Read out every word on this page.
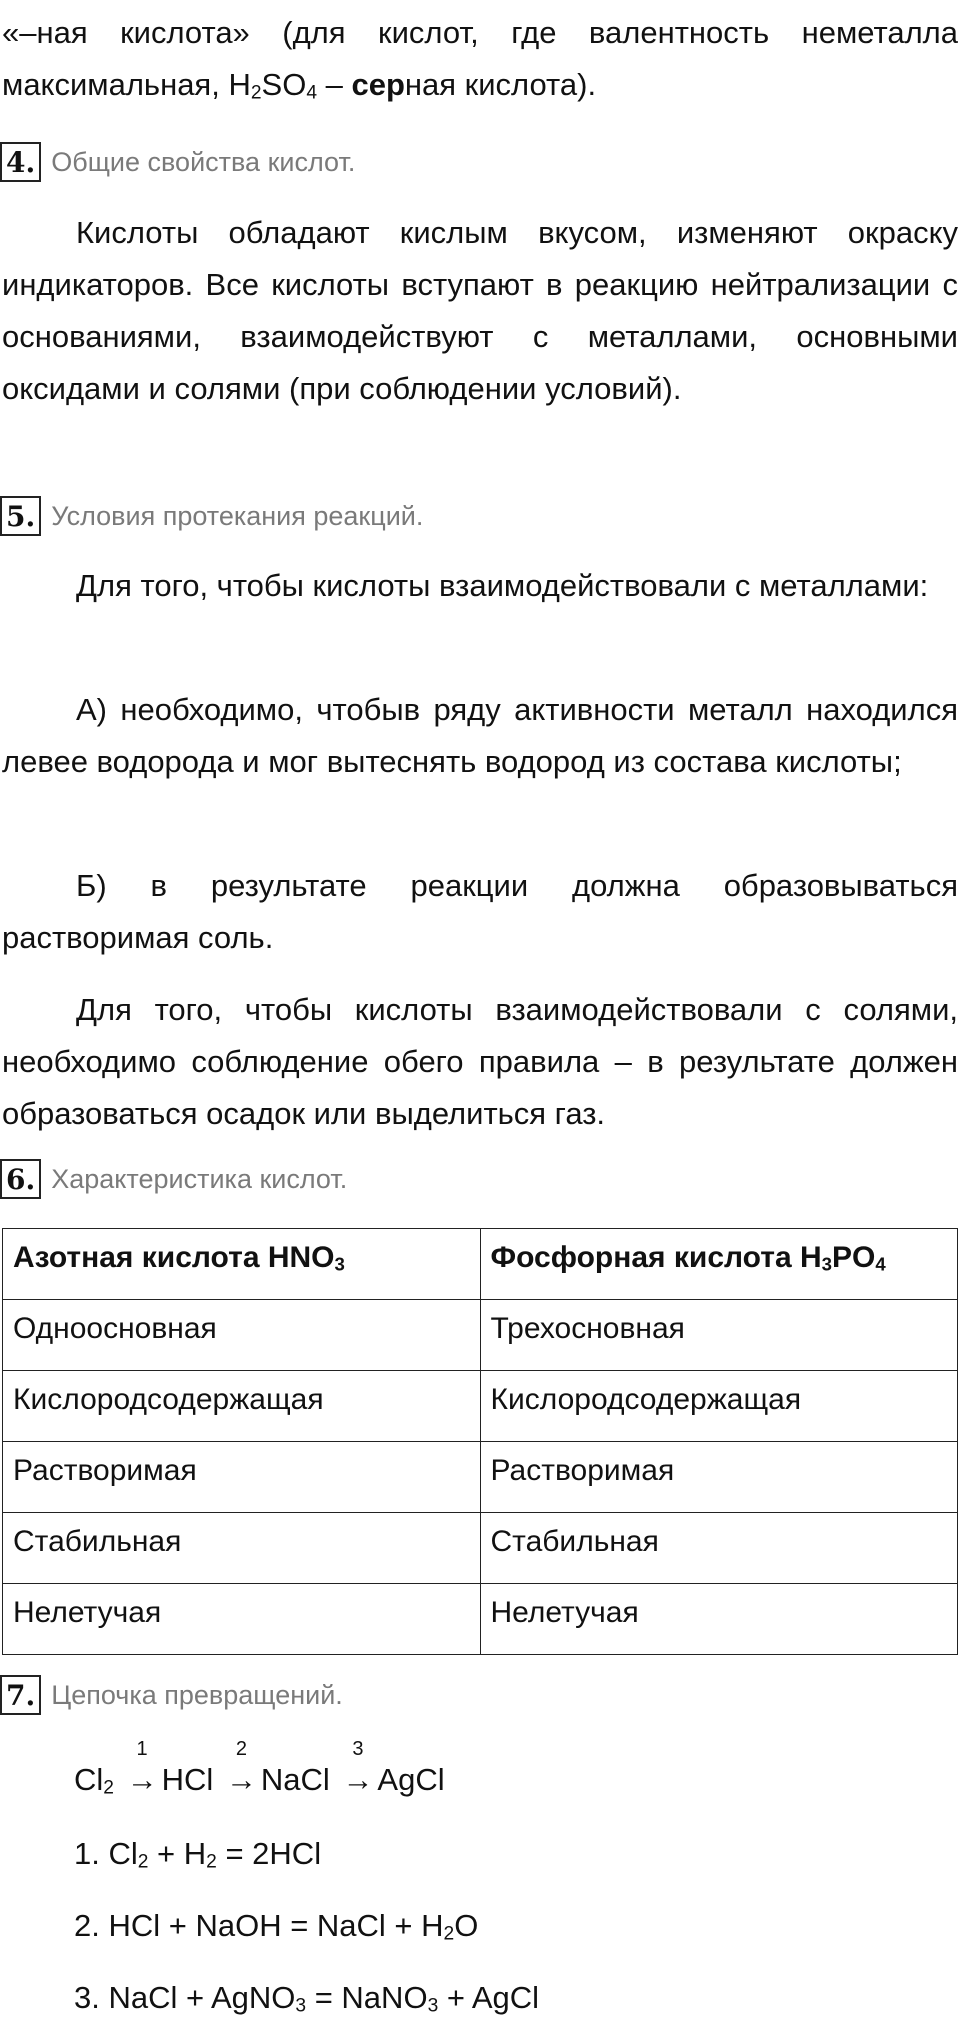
«–ная кислота» (для кислот, где валентность неметалла максимальная, $H_2SO_4$ – серная кислота).

4. Общие свойства кислот.

Кислоты обладают кислым вкусом, изменяют окраску индикаторов. Все кислоты вступают в реакцию нейтрализации с основаниями, взаимодействуют с металлами, основными оксидами и солями (при соблюдении условий).

5. Условия протекания реакций.

Для того, чтобы кислоты взаимодействовали с металлами:

А) необходимо, чтобыв ряду активности металл находился левее водорода и мог вытеснять водород из состава кислоты;

Б) в результате реакции должна образовываться растворимая соль.

Для того, чтобы кислоты взаимодействовали с солями, необходимо соблюдение обего правила – в результате должен образоваться осадок или выделиться газ.

6. Характеристика кислот.
Азотная кислота $HNO_3$	Фосфорная кислота $H_3PO_4$
Одноосновная	Трехосновная
Кислородсодержащая	Кислородсодержащая
Растворимая	Растворимая
Стабильная	Стабильная
Нелетучая	Нелетучая
7. Цепочка превращений.
$Cl_2$
1
→ HCl
2
→ NaCl
3
→ AgCl
1. $Cl_2 + H_2 = 2HCl$
2. HCl + NaOH = NaCl + $H_2O$
3. NaCl + AgNO$_3$ = NaNO$_3$ + AgCl
